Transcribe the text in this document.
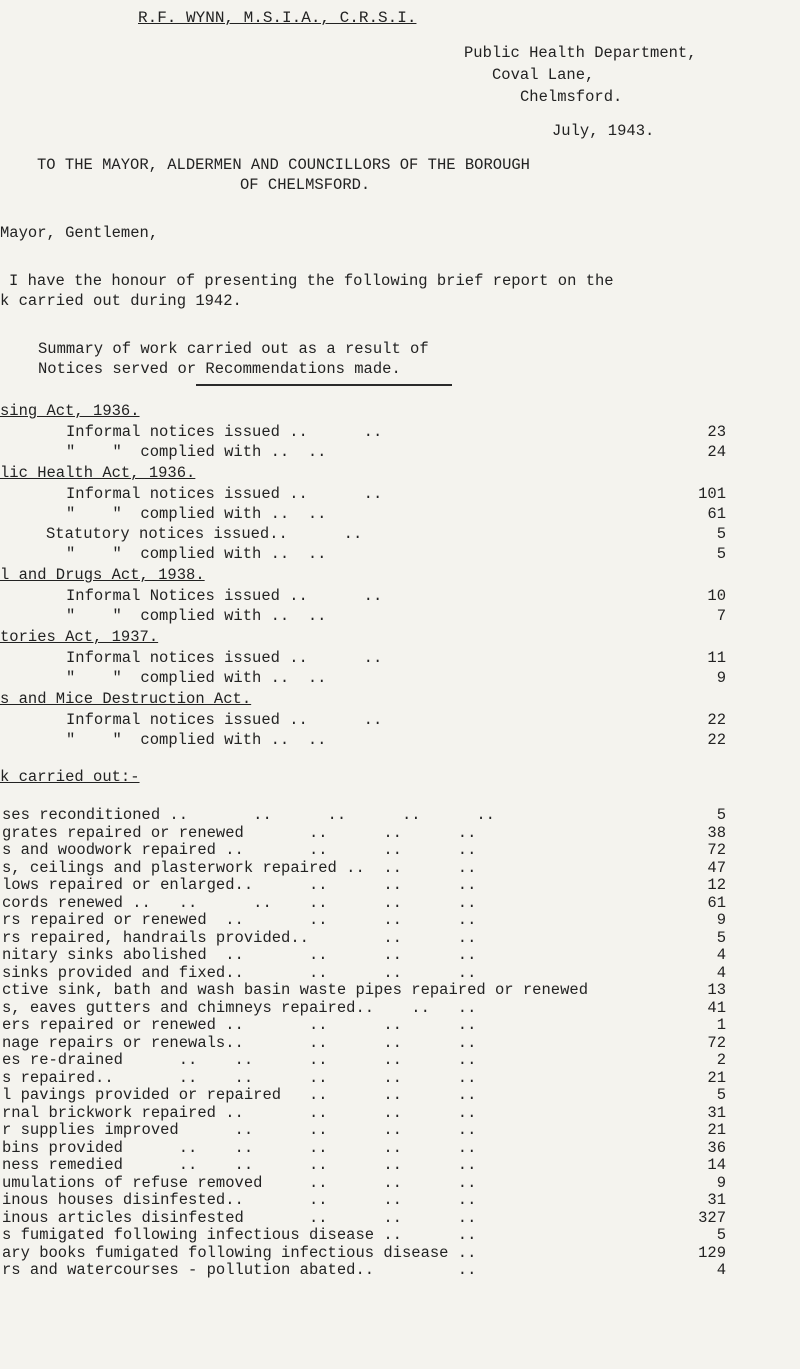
R.F. WYNN, M.S.I.A., C.R.S.I.
Public Health Department,
Coval Lane,
Chelmsford.
July, 1943.
TO THE MAYOR, ALDERMEN AND COUNCILLORS OF THE BOROUGH
OF CHELMSFORD.
Mayor, Gentlemen,
I have the honour of presenting the following brief report on the
k carried out during 1942.
Summary of work carried out as a result of
Notices served or Recommendations made.
sing Act, 1936.
Informal notices issued ..      ..	23
"    "  complied with ..  ..	24
lic Health Act, 1936.
Informal notices issued ..      ..	101
"    "  complied with ..  ..	61
Statutory notices issued..      ..	5
"    "  complied with ..  ..	5
l and Drugs Act, 1938.
Informal Notices issued ..      ..	10
"    "  complied with ..  ..	7
tories Act, 1937.
Informal notices issued ..      ..	11
"    "  complied with ..  ..	9
s and Mice Destruction Act.
Informal notices issued ..      ..	22
"    "  complied with ..  ..	22
k carried out:-
ses reconditioned ..       ..      ..      ..      ..	5
grates repaired or renewed       ..      ..      ..	38
s and woodwork repaired ..       ..      ..      ..	72
s, ceilings and plasterwork repaired ..  ..      ..	47
lows repaired or enlarged..      ..      ..      ..	12
cords renewed ..   ..      ..    ..      ..      ..	61
rs repaired or renewed  ..       ..      ..      ..	9
rs repaired, handrails provided..        ..      ..	5
nitary sinks abolished  ..       ..      ..      ..	4
sinks provided and fixed..       ..      ..      ..	4
ctive sink, bath and wash basin waste pipes repaired or renewed	13
s, eaves gutters and chimneys repaired..    ..   ..	41
ers repaired or renewed ..       ..      ..      ..	1
nage repairs or renewals..       ..      ..      ..	72
es re-drained      ..    ..      ..      ..      ..	2
s repaired..       ..    ..      ..      ..      ..	21
l pavings provided or repaired   ..      ..      ..	5
rnal brickwork repaired ..       ..      ..      ..	31
r supplies improved      ..      ..      ..      ..	21
bins provided      ..    ..      ..      ..      ..	36
ness remedied      ..    ..      ..      ..      ..	14
umulations of refuse removed     ..      ..      ..	9
inous houses disinfested..       ..      ..      ..	31
inous articles disinfested       ..      ..      ..	327
s fumigated following infectious disease ..      ..	5
ary books fumigated following infectious disease ..	129
rs and watercourses - pollution abated..         ..	4
